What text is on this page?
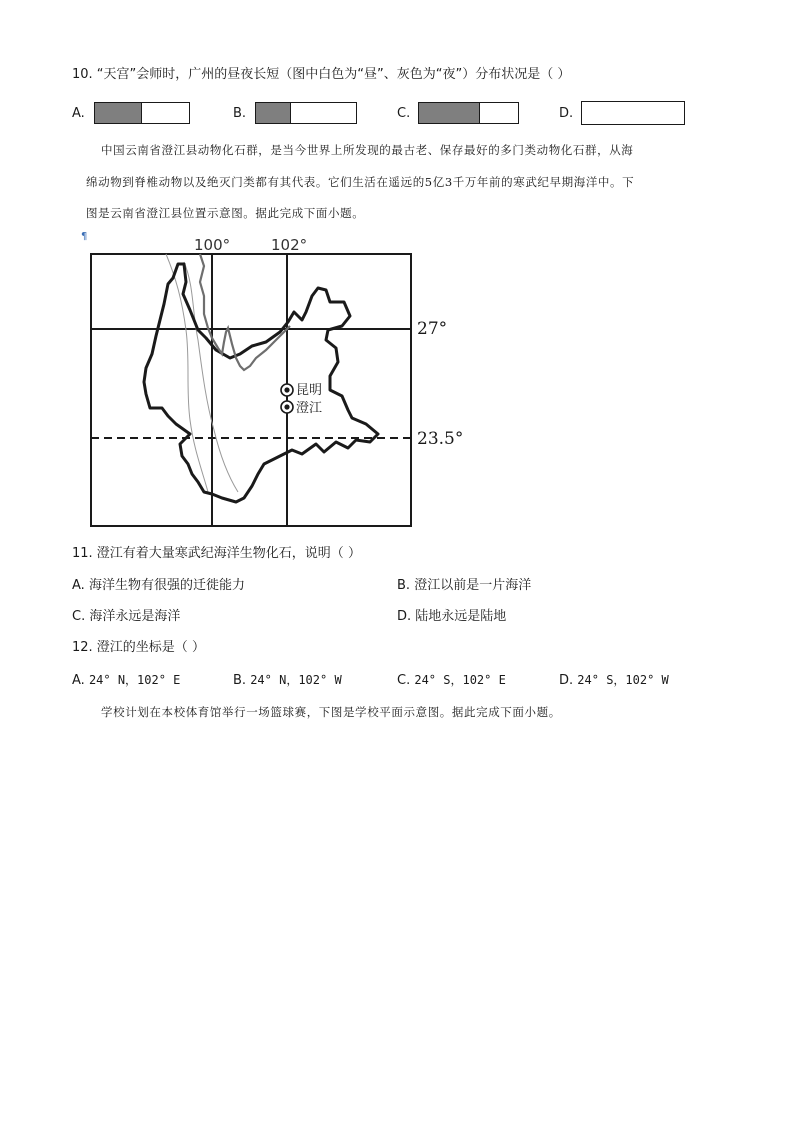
10. “天宫”会师时，广州的昼夜长短（图中白色为“昼”、灰色为“夜”）分布状况是（ ）
A.	B.	C.	D.
中国云南省澄江县动物化石群，是当今世界上所发现的最古老、保存最好的多门类动物化石群，从海
绵动物到脊椎动物以及绝灭门类都有其代表。它们生活在遥远的5亿3千万年前的寒武纪早期海洋中。下
图是云南省澄江县位置示意图。据此完成下面小题。
¶
昆明
澄江
100°	102°
27°
23.5°
11. 澄江有着大量寒武纪海洋生物化石，说明（ ）
A. 海洋生物有很强的迁徙能力	B. 澄江以前是一片海洋
C. 海洋永远是海洋	D. 陆地永远是陆地
12. 澄江的坐标是（ ）
A. 24° N，102° E	B. 24° N，102° W	C. 24° S，102° E	D. 24° S，102° W
学校计划在本校体育馆举行一场篮球赛，下图是学校平面示意图。据此完成下面小题。
